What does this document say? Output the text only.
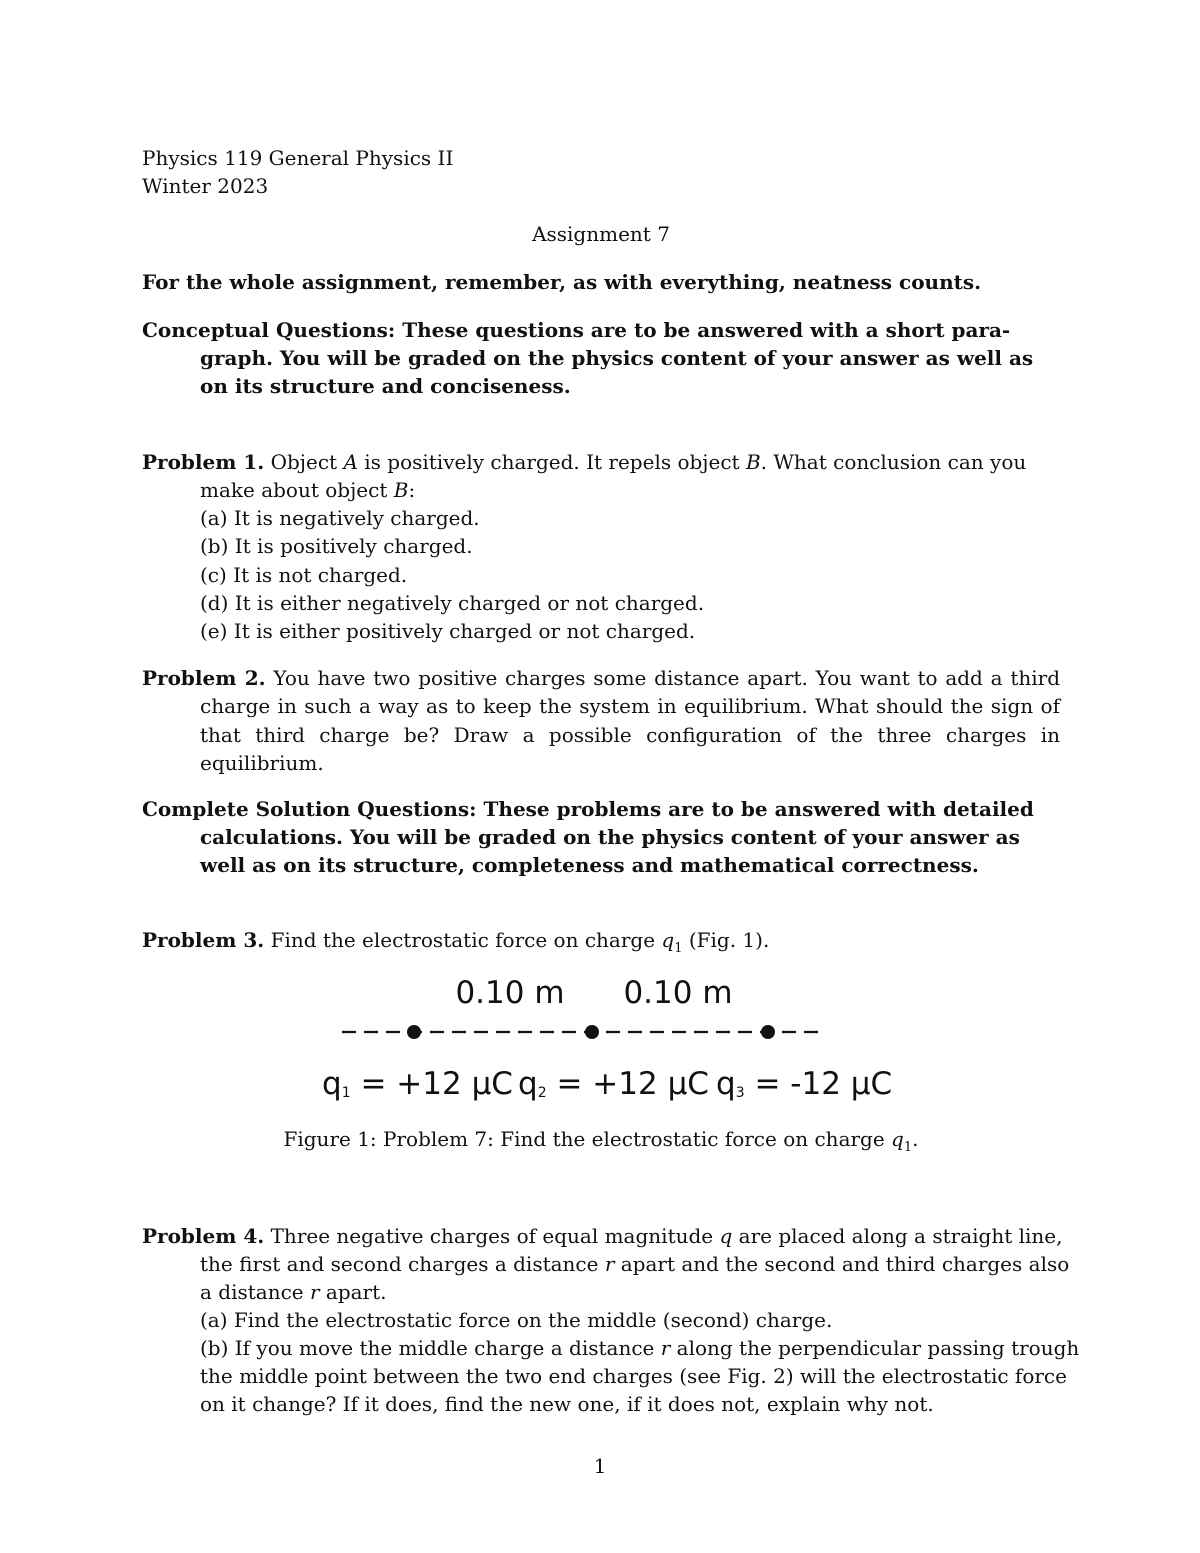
Physics 119 General Physics II
Winter 2023
Assignment 7
For the whole assignment, remember, as with everything, neatness counts.
Conceptual Questions: These questions are to be answered with a short para-
graph. You will be graded on the physics content of your answer as well as
on its structure and conciseness.
Problem 1. Object A is positively charged. It repels object B. What conclusion can you
make about object B:
(a) It is negatively charged.
(b) It is positively charged.
(c) It is not charged.
(d) It is either negatively charged or not charged.
(e) It is either positively charged or not charged.
Problem 2. You have two positive charges some distance apart. You want to add a third charge in such a way as to keep the system in equilibrium. What should the sign of that third charge be? Draw a possible configuration of the three charges in equilibrium.
Complete Solution Questions: These problems are to be answered with detailed
calculations. You will be graded on the physics content of your answer as
well as on its structure, completeness and mathematical correctness.
Problem 3. Find the electrostatic force on charge $q_1$ (Fig. 1).
Figure 1: Problem 7: Find the electrostatic force on charge $q_1$.
Problem 4. Three negative charges of equal magnitude q are placed along a straight line,
the first and second charges a distance r apart and the second and third charges also
a distance r apart.
(a) Find the electrostatic force on the middle (second) charge.
(b) If you move the middle charge a distance r along the perpendicular passing trough
the middle point between the two end charges (see Fig. 2) will the electrostatic force
on it change? If it does, find the new one, if it does not, explain why not.
0.10 m 0.10 m
q1 = +12 μC q2 = +12 μC q3 = -12 μC
1
